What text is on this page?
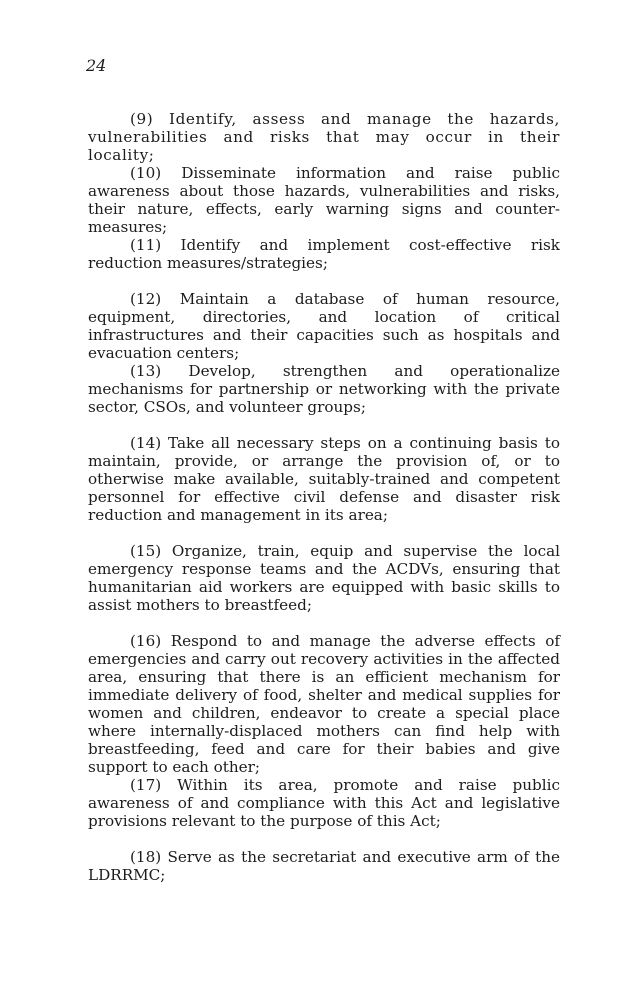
24

(9) Identify, assess and manage the hazards, vulnerabilities and risks that may occur in their locality;

(10) Disseminate information and raise public awareness about those hazards, vulnerabilities and risks, their nature, effects, early warning signs and counter-measures;

(11) Identify and implement cost-effective risk reduction measures/strategies;

(12) Maintain a database of human resource, equipment, directories, and location of critical infrastructures and their capacities such as hospitals and evacuation centers;

(13) Develop, strengthen and operationalize mechanisms for partnership or networking with the private sector, CSOs, and volunteer groups;

(14) Take all necessary steps on a continuing basis to maintain, provide, or arrange the provision of, or to otherwise make available, suitably-trained and competent personnel for effective civil defense and disaster risk reduction and management in its area;

(15) Organize, train, equip and supervise the local emergency response teams and the ACDVs, ensuring that humanitarian aid workers are equipped with basic skills to assist mothers to breastfeed;

(16) Respond to and manage the adverse effects of emergencies and carry out recovery activities in the affected area, ensuring that there is an efficient mechanism for immediate delivery of food, shelter and medical supplies for women and children, endeavor to create a special place where internally-displaced mothers can find help with breastfeeding, feed and care for their babies and give support to each other;

(17) Within its area, promote and raise public awareness of and compliance with this Act and legislative provisions relevant to the purpose of this Act;

(18) Serve as the secretariat and executive arm of the LDRRMC;
